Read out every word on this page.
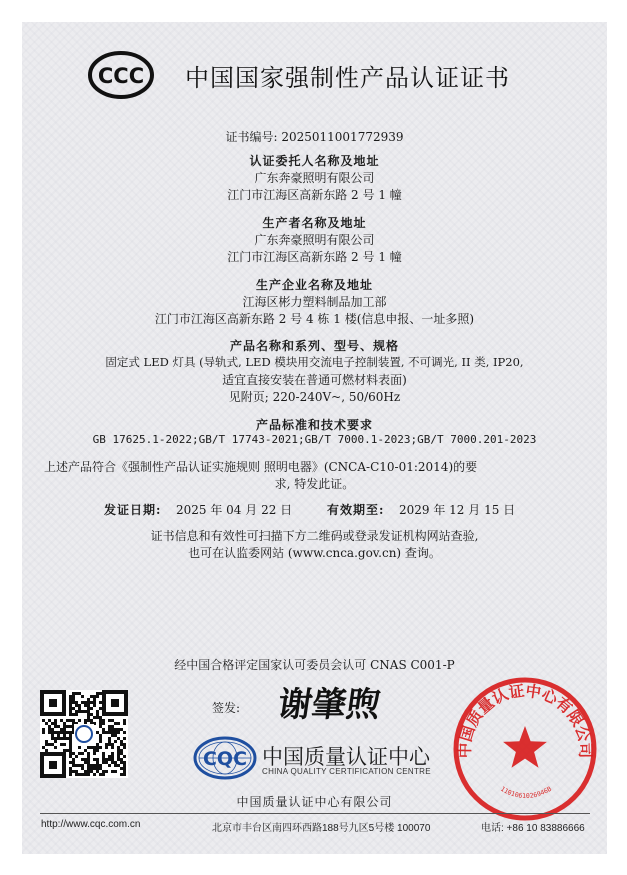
CCC 中国国家强制性产品认证证书
证书编号: 2025011001772939
认证委托人名称及地址
广东奔豪照明有限公司
江门市江海区高新东路 2 号 1 幢
生产者名称及地址
广东奔豪照明有限公司
江门市江海区高新东路 2 号 1 幢
生产企业名称及地址
江海区彬力塑料制品加工部
江门市江海区高新东路 2 号 4 栋 1 楼(信息申报、一址多照)
产品名称和系列、型号、规格
固定式 LED 灯具 (导轨式, LED 模块用交流电子控制装置, 不可调光, II 类, IP20,
适宜直接安装在普通可燃材料表面)
见附页; 220-240V~, 50/60Hz
产品标准和技术要求
GB 17625.1-2022;GB/T 17743-2021;GB/T 7000.1-2023;GB/T 7000.201-2023
上述产品符合《强制性产品认证实施规则 照明电器》(CNCA-C10-01:2014)的要
求, 特发此证。
发证日期: 2025 年 04 月 22 日	有效期至: 2029 年 12 月 15 日
证书信息和有效性可扫描下方二维码或登录发证机构网站查验,
也可在认监委网站 (www.cnca.gov.cn) 查询。
经中国合格评定国家认可委员会认可 CNAS C001-P
签发: 谢肇煦
CQC 中国质量认证中心
CHINA QUALITY CERTIFICATION CENTRE
中国质量认证中心有限公司
中国质量认证中心有限公司
1101061026946B
http://www.cqc.com.cn	北京市丰台区南四环西路188号九区5号楼 100070	电话: +86 10 83886666
